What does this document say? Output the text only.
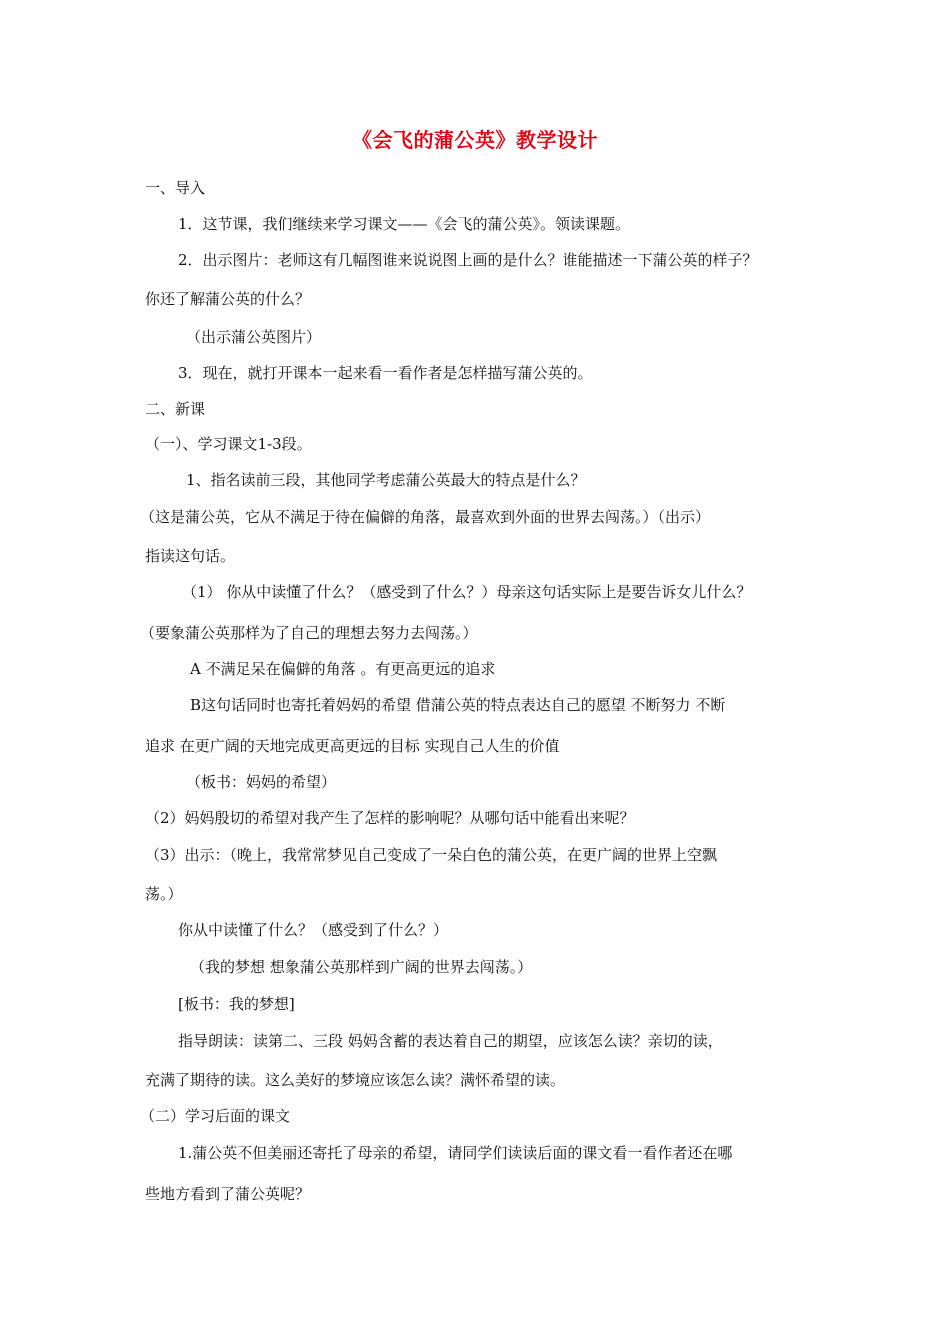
《会飞的蒲公英》教学设计
一、导入
1．这节课，我们继续来学习课文——《会飞的蒲公英》。领读课题。
2．出示图片：老师这有几幅图谁来说说图上画的是什么？谁能描述一下蒲公英的样子？
你还了解蒲公英的什么？
（出示蒲公英图片）
3．现在，就打开课本一起来看一看作者是怎样描写蒲公英的。
二、新课
（一）、学习课文1-3段。
1、指名读前三段，其他同学考虑蒲公英最大的特点是什么？
（这是蒲公英，它从不满足于待在偏僻的角落，最喜欢到外面的世界去闯荡。）（出示）
指读这句话。
（1） 你从中读懂了什么？（感受到了什么？）母亲这句话实际上是要告诉女儿什么？
（要象蒲公英那样为了自己的理想去努力去闯荡。）
A 不满足呆在偏僻的角落 。有更高更远的追求
B这句话同时也寄托着妈妈的希望 借蒲公英的特点表达自己的愿望 不断努力 不断
追求 在更广阔的天地完成更高更远的目标 实现自己人生的价值
（板书：妈妈的希望）
（2）妈妈殷切的希望对我产生了怎样的影响呢？从哪句话中能看出来呢？
（3）出示：（晚上，我常常梦见自己变成了一朵白色的蒲公英，在更广阔的世界上空飘
荡。）
你从中读懂了什么？（感受到了什么？）
（我的梦想 想象蒲公英那样到广阔的世界去闯荡。）
[板书：我的梦想]
指导朗读：读第二、三段 妈妈含蓄的表达着自己的期望，应该怎么读？亲切的读，
充满了期待的读。这么美好的梦境应该怎么读？满怀希望的读。
（二）学习后面的课文
1.蒲公英不但美丽还寄托了母亲的希望，请同学们读读后面的课文看一看作者还在哪
些地方看到了蒲公英呢？
